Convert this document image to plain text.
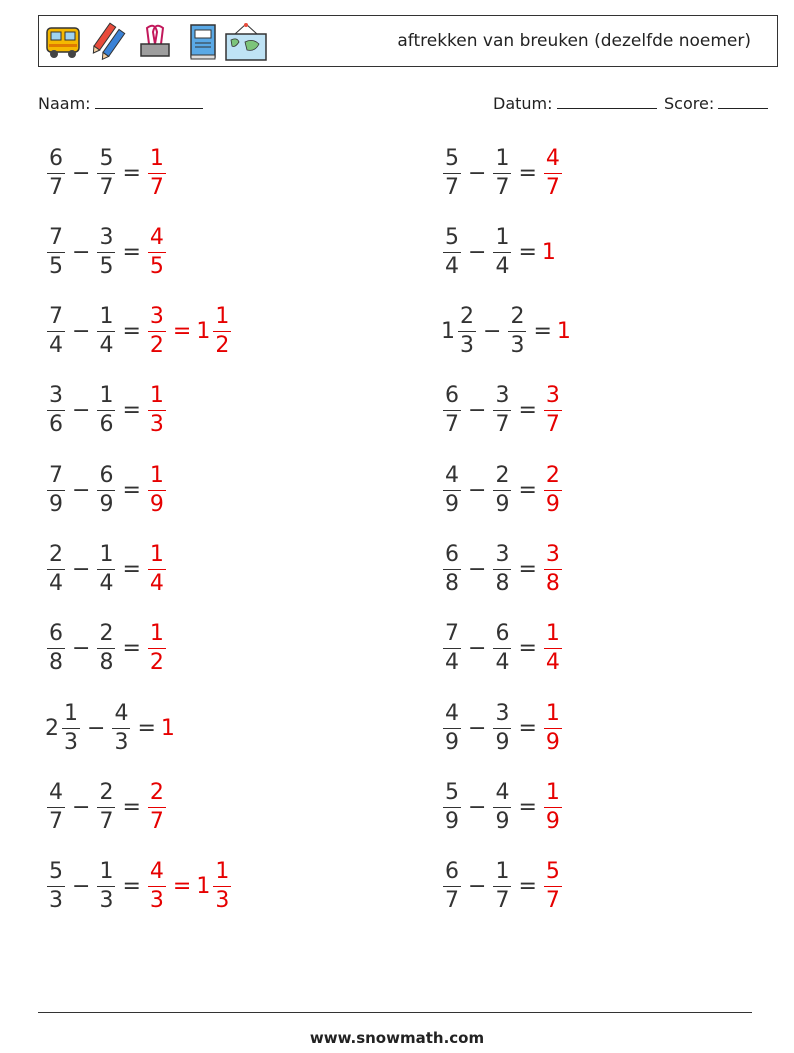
aftrekken van breuken (dezelfde noemer)
Naam:	Datum:	Score:
$\frac{6}{7} - \frac{5}{7} = \frac{1}{7}$	$\frac{5}{7} - \frac{1}{7} = \frac{4}{7}$
$\frac{7}{5} - \frac{3}{5} = \frac{4}{5}$	$\frac{5}{4} - \frac{1}{4} = 1$
$\frac{7}{4} - \frac{1}{4} = \frac{3}{2} = 1 \frac{1}{2}$	$1 \frac{2}{3} - \frac{2}{3} = 1$
$\frac{3}{6} - \frac{1}{6} = \frac{1}{3}$	$\frac{6}{7} - \frac{3}{7} = \frac{3}{7}$
$\frac{7}{9} - \frac{6}{9} = \frac{1}{9}$	$\frac{4}{9} - \frac{2}{9} = \frac{2}{9}$
$\frac{2}{4} - \frac{1}{4} = \frac{1}{4}$	$\frac{6}{8} - \frac{3}{8} = \frac{3}{8}$
$\frac{6}{8} - \frac{2}{8} = \frac{1}{2}$	$\frac{7}{4} - \frac{6}{4} = \frac{1}{4}$
$2 \frac{1}{3} - \frac{4}{3} = 1$	$\frac{4}{9} - \frac{3}{9} = \frac{1}{9}$
$\frac{4}{7} - \frac{2}{7} = \frac{2}{7}$	$\frac{5}{9} - \frac{4}{9} = \frac{1}{9}$
$\frac{5}{3} - \frac{1}{3} = \frac{4}{3} = 1 \frac{1}{3}$	$\frac{6}{7} - \frac{1}{7} = \frac{5}{7}$
www.snowmath.com
